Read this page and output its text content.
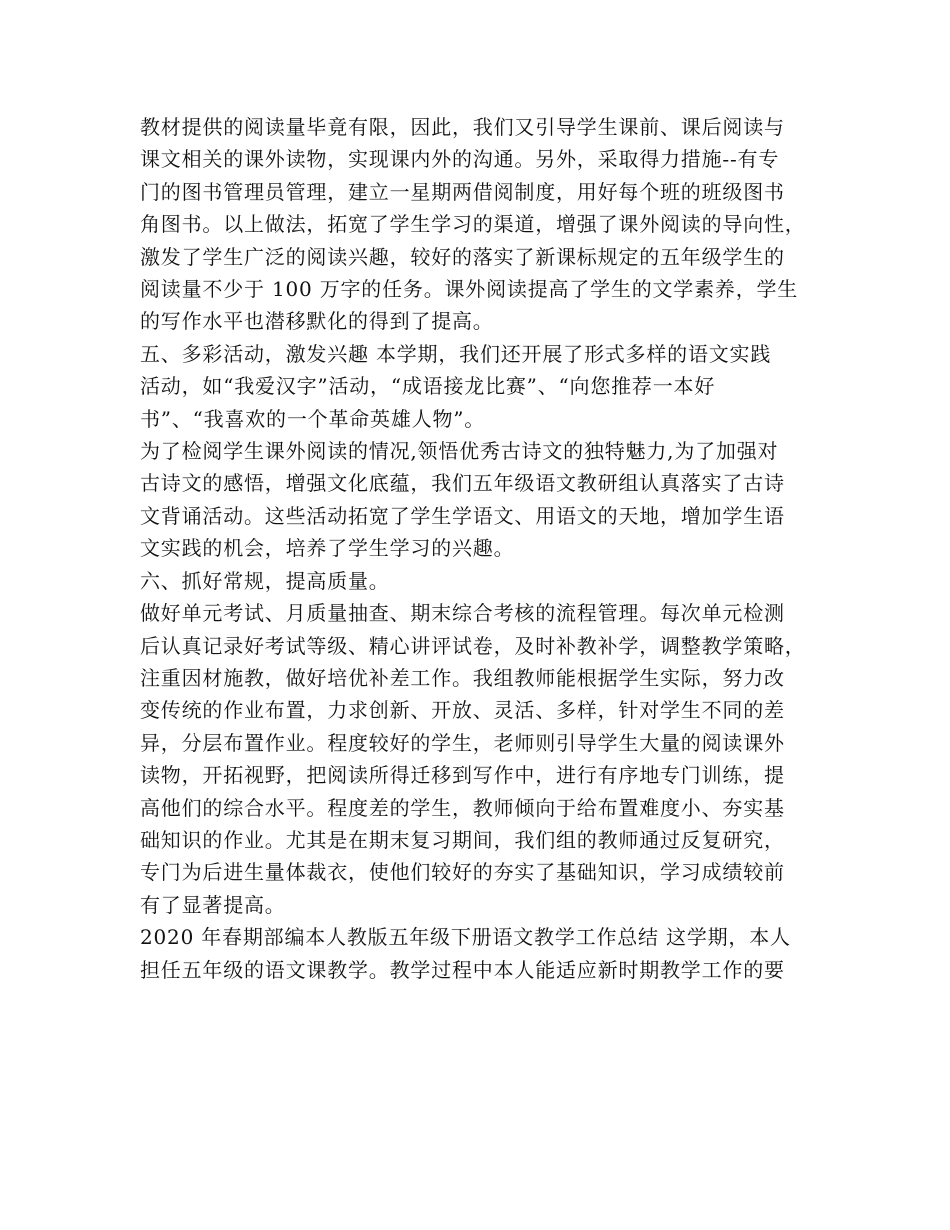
教材提供的阅读量毕竟有限，因此，我们又引导学生课前、课后阅读与
课文相关的课外读物，实现课内外的沟通。另外，采取得力措施--有专
门的图书管理员管理，建立一星期两借阅制度，用好每个班的班级图书
角图书。以上做法，拓宽了学生学习的渠道，增强了课外阅读的导向性，
激发了学生广泛的阅读兴趣，较好的落实了新课标规定的五年级学生的
阅读量不少于 100 万字的任务。课外阅读提高了学生的文学素养，学生
的写作水平也潜移默化的得到了提高。
五、多彩活动，激发兴趣 本学期，我们还开展了形式多样的语文实践
活动，如“我爱汉字”活动，“成语接龙比赛”、“向您推荐一本好
书”、“我喜欢的一个革命英雄人物”。
为了检阅学生课外阅读的情况,领悟优秀古诗文的独特魅力,为了加强对
古诗文的感悟，增强文化底蕴，我们五年级语文教研组认真落实了古诗
文背诵活动。这些活动拓宽了学生学语文、用语文的天地，增加学生语
文实践的机会，培养了学生学习的兴趣。
六、抓好常规，提高质量。
做好单元考试、月质量抽查、期末综合考核的流程管理。每次单元检测
后认真记录好考试等级、精心讲评试卷，及时补教补学，调整教学策略，
注重因材施教，做好培优补差工作。我组教师能根据学生实际，努力改
变传统的作业布置，力求创新、开放、灵活、多样，针对学生不同的差
异，分层布置作业。程度较好的学生，老师则引导学生大量的阅读课外
读物，开拓视野，把阅读所得迁移到写作中，进行有序地专门训练，提
高他们的综合水平。程度差的学生，教师倾向于给布置难度小、夯实基
础知识的作业。尤其是在期末复习期间，我们组的教师通过反复研究，
专门为后进生量体裁衣，使他们较好的夯实了基础知识，学习成绩较前
有了显著提高。
2020 年春期部编本人教版五年级下册语文教学工作总结 这学期，本人
担任五年级的语文课教学。教学过程中本人能适应新时期教学工作的要
